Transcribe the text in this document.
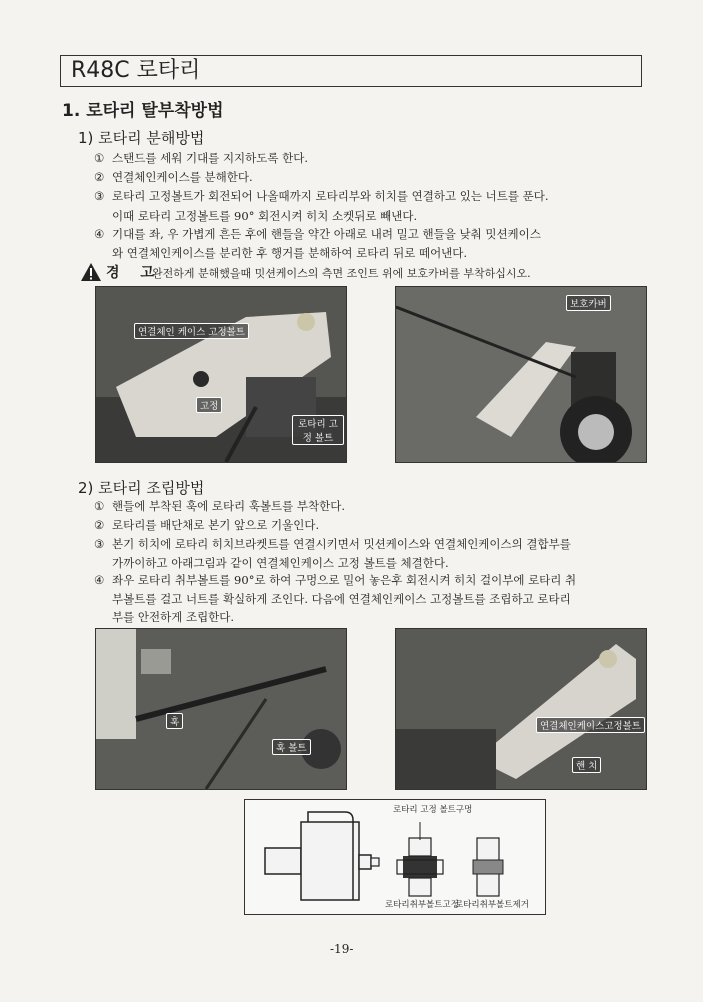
R48C 로타리
1. 로타리 탈부착방법
1) 로타리 분해방법
① 스탠드를 세워 기대를 지지하도록 한다.
② 연결체인케이스를 분해한다.
③ 로타리 고정볼트가 회전되어 나올때까지 로타리부와 히치를 연결하고 있는 너트를 푼다.
이때 로타리 고정볼트를 90° 회전시켜 히치 소켓뒤로 빼낸다.
④ 기대를 좌, 우 가볍게 흔든 후에 핸들을 약간 아래로 내려 밀고 핸들을 낮춰 밋션케이스
와 연결체인케이스를 분리한 후 행거를 분해하여 로타리 뒤로 떼어낸다.
경 고
완전하게 분해했을때 밋션케이스의 측면 조인트 위에 보호카버를 부착하십시오.
연결체인 케이스 고정볼트
고정
로타리 고정 볼트
보호카버
2) 로타리 조립방법
① 핸들에 부착된 훅에 로타리 훅볼트를 부착한다.
② 로타리를 배단채로 본기 앞으로 기울인다.
③ 본기 히치에 로타리 히치브라켓트를 연결시키면서 밋션케이스와 연결체인케이스의 결합부를
가까이하고 아래그림과 같이 연결체인케이스 고정 볼트를 체결한다.
④ 좌우 로타리 취부볼트를 90°로 하여 구멍으로 밀어 놓은후 회전시켜 히치 걸이부에 로타리 취
부볼트를 걸고 너트를 확실하게 조인다. 다음에 연결체인케이스 고정볼트를 조립하고 로타리
부를 안전하게 조립한다.
훅
훅 볼트
연결체인케이스고정볼트
핸 치
로타리 고정 볼트구멍
로타리취부볼트고정
로타리취부볼트제거
-19-
